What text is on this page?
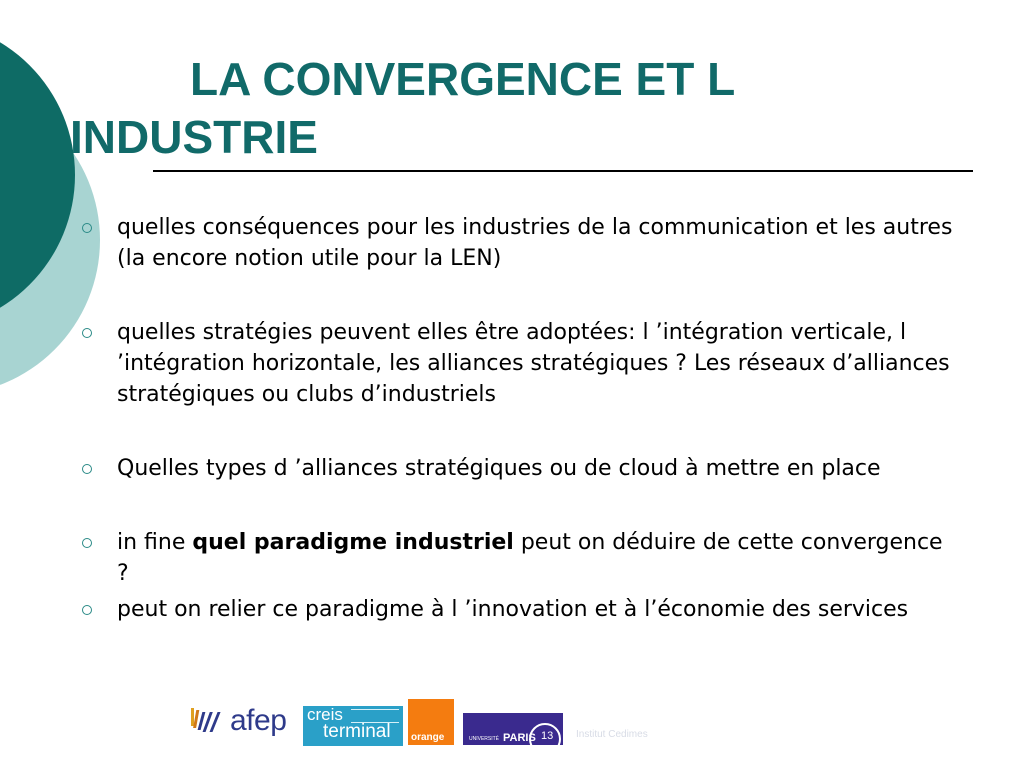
LA CONVERGENCE ET L
INDUSTRIE
quelles conséquences pour les industries de la communication et les autres (la encore notion utile pour la LEN)
quelles stratégies peuvent elles être adoptées: l ’intégration verticale, l ’intégration horizontale, les alliances stratégiques ? Les réseaux d’alliances stratégiques ou clubs d’industriels
Quelles types d ’alliances stratégiques ou de cloud à mettre en place
in fine quel paradigme industriel peut on déduire de cette convergence ?
peut on relier ce paradigme à l ’innovation et à l’économie des services
afep creis
terminal orange	UNIVERSITÉ PARIS 13 Institut Cedimes
